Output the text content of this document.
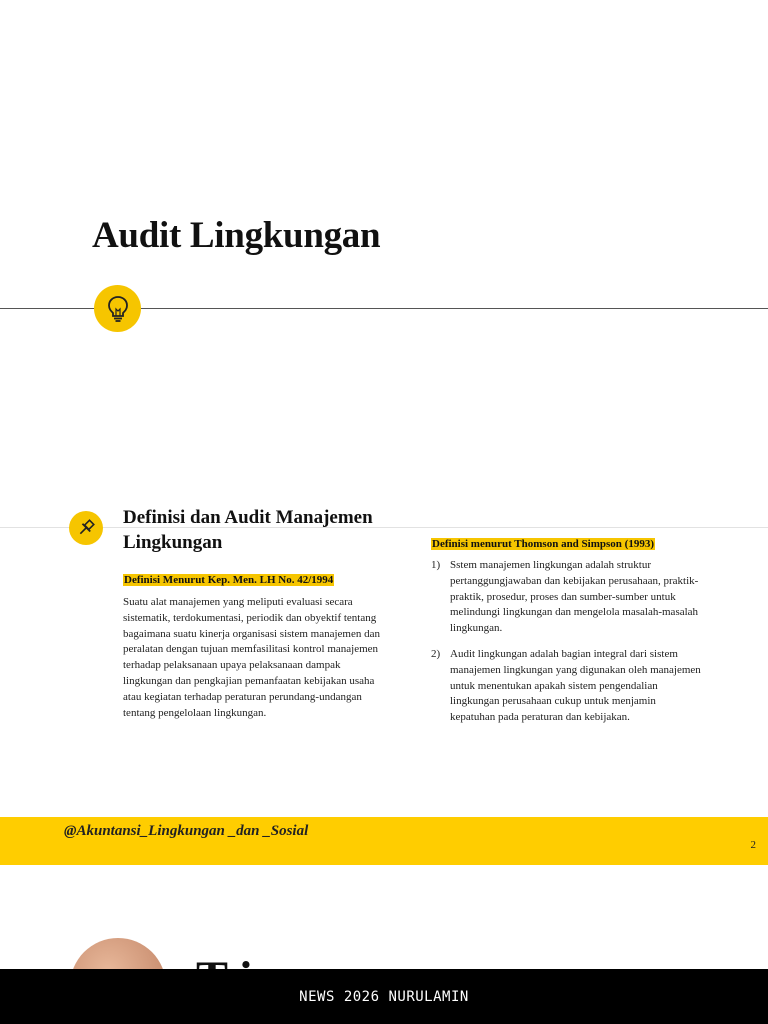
Audit Lingkungan
Definisi dan Audit Manajemen Lingkungan
Definisi Menurut Kep. Men. LH No. 42/1994

Suatu alat manajemen yang meliputi evaluasi secara sistematik, terdokumentasi, periodik dan obyektif tentang bagaimana suatu kinerja organisasi sistem manajemen dan peralatan dengan tujuan memfasilitasi kontrol manajemen terhadap pelaksanaan upaya pelaksanaan dampak lingkungan dan pengkajian pemanfaatan kebijakan usaha atau kegiatan terhadap peraturan perundang-undangan tentang pengelolaan lingkungan.

Definisi menurut Thomson and Simpson (1993)
1) Sstem manajemen lingkungan adalah struktur pertanggungjawaban dan kebijakan perusahaan, praktik-praktik, prosedur, proses dan sumber-sumber untuk melindungi lingkungan dan mengelola masalah-masalah lingkungan.
2) Audit lingkungan adalah bagian integral dari sistem manajemen lingkungan yang digunakan oleh manajemen untuk menentukan apakah sistem pengendalian lingkungan perusahaan cukup untuk menjamin kepatuhan pada peraturan dan kebijakan.
@Akuntansi_Lingkungan _dan _Sosial
2
NEWS 2026 NURULAMIN
